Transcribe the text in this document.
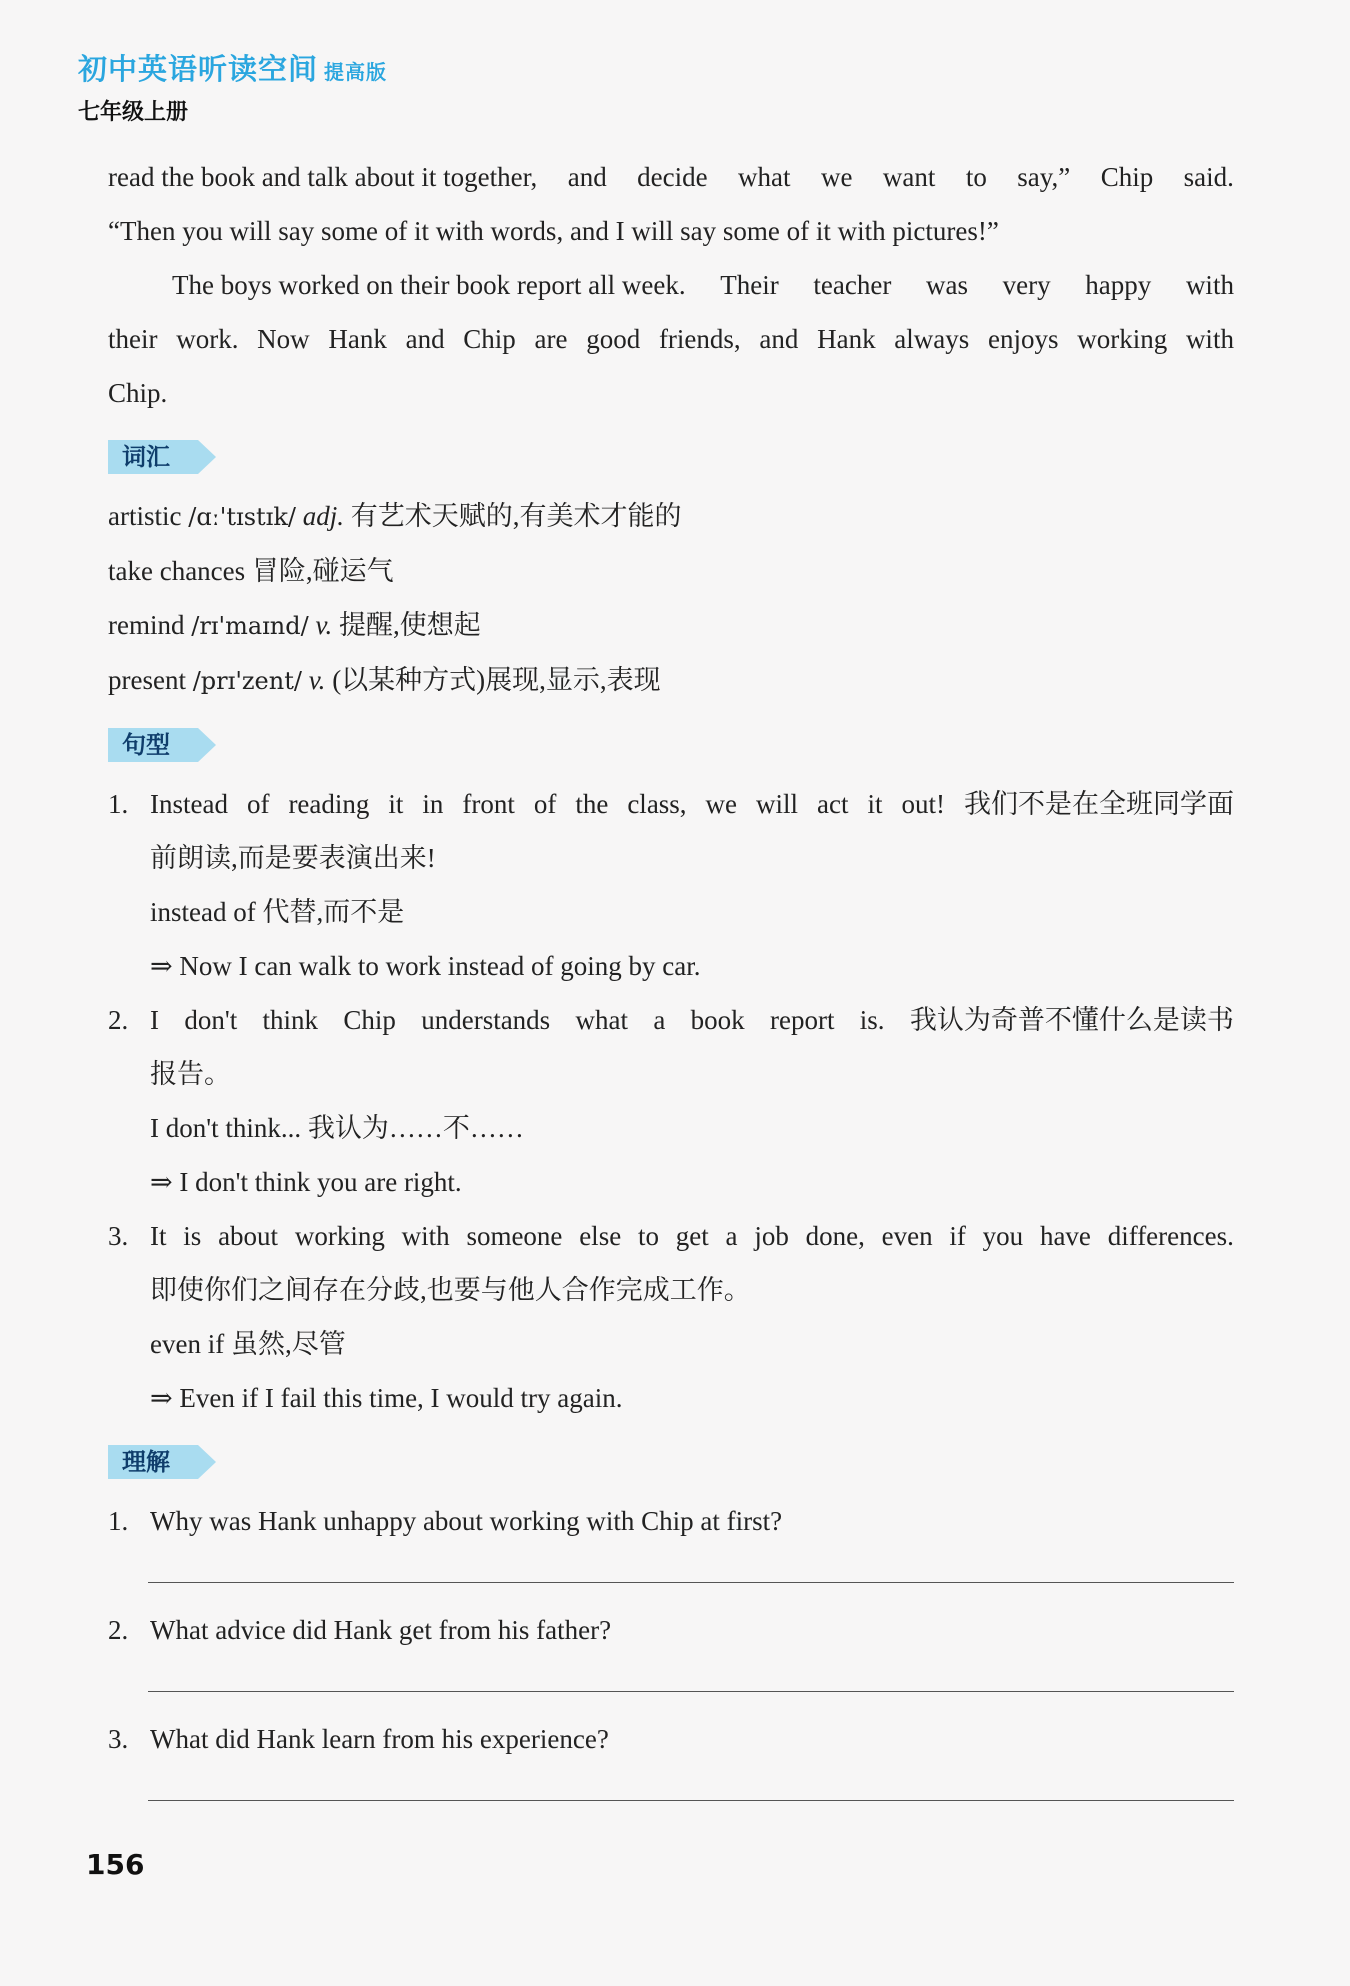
初中英语听读空间 提高版
七年级上册
read the book and talk about it together, and decide what we want to say,” Chip said.
“Then you will say some of it with words, and I will say some of it with pictures!”
The boys worked on their book report all week. Their teacher was very happy with
their work. Now Hank and Chip are good friends, and Hank always enjoys working with
Chip.
词汇
artistic /ɑː'tɪstɪk/ adj. 有艺术天赋的,有美术才能的
take chances 冒险,碰运气
remind /rɪ'maɪnd/ v. 提醒,使想起
present /prɪ'zent/ v. (以某种方式)展现,显示,表现
句型
1. Instead of reading it in front of the class, we will act it out! 我们不是在全班同学面
前朗读,而是要表演出来!
instead of 代替,而不是
⇒ Now I can walk to work instead of going by car.
2. I don't think Chip understands what a book report is. 我认为奇普不懂什么是读书
报告。
I don't think... 我认为……不……
⇒ I don't think you are right.
3. It is about working with someone else to get a job done, even if you have differences.
即使你们之间存在分歧,也要与他人合作完成工作。
even if 虽然,尽管
⇒ Even if I fail this time, I would try again.
理解
1. Why was Hank unhappy about working with Chip at first?
2. What advice did Hank get from his father?
3. What did Hank learn from his experience?
156
